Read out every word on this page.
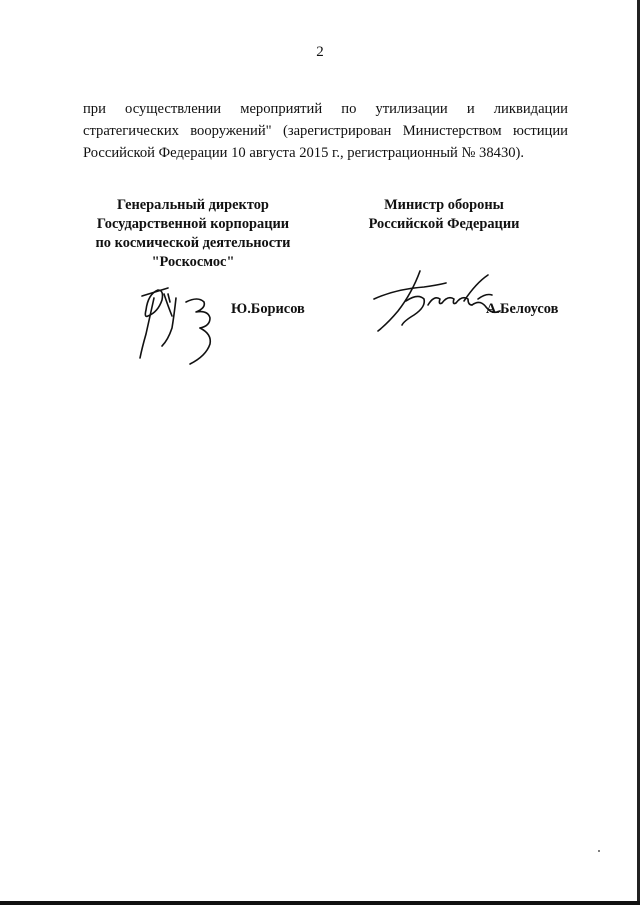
2
при осуществлении мероприятий по утилизации и ликвидации
стратегических вооружений" (зарегистрирован Министерством юстиции
Российской Федерации 10 августа 2015 г., регистрационный № 38430).
Генеральный директор
Государственной корпорации
по космической деятельности
"Роскосмос"
Министр обороны
Российской Федерации
Ю.Борисов	А.Белоусов
